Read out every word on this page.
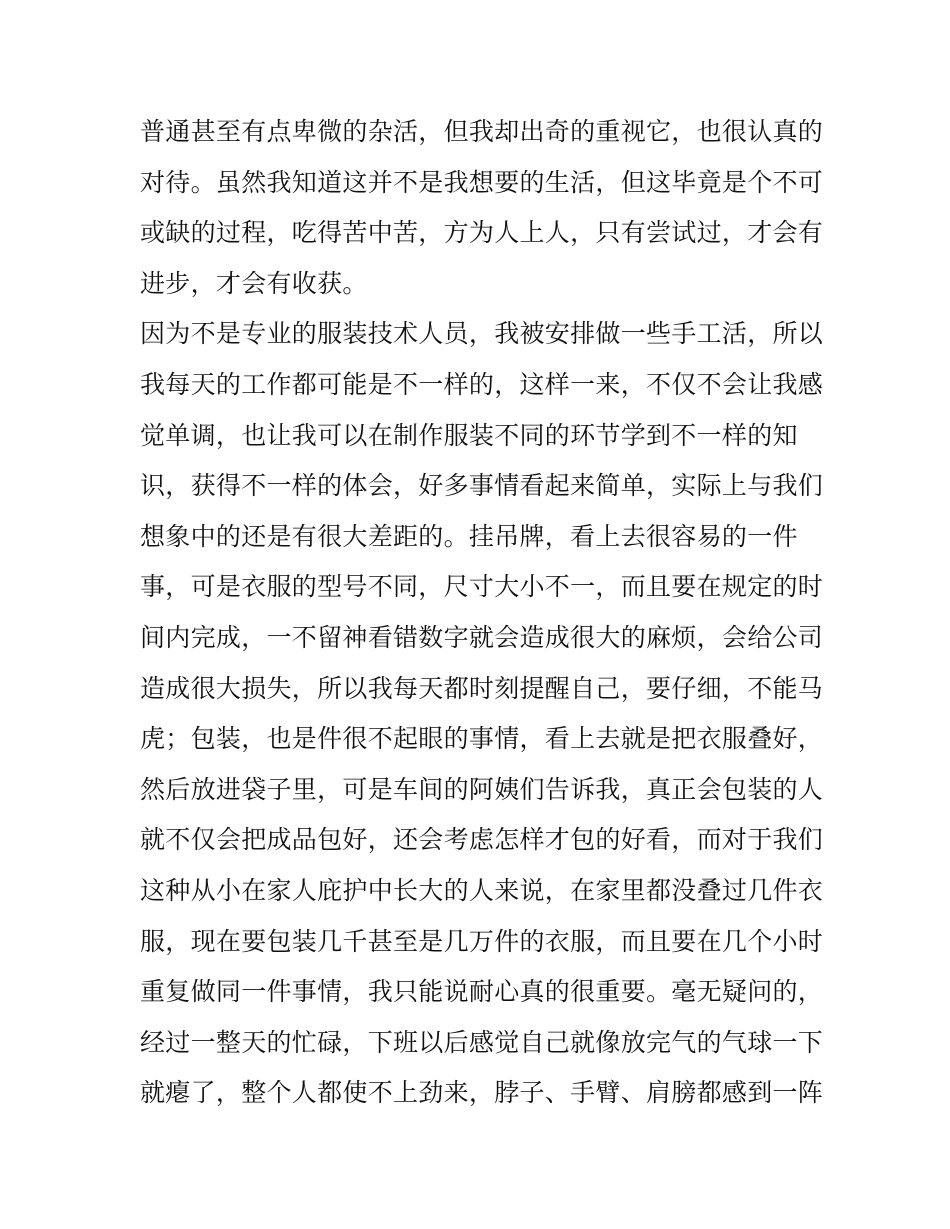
普通甚至有点卑微的杂活，但我却出奇的重视它，也很认真的
对待。虽然我知道这并不是我想要的生活，但这毕竟是个不可
或缺的过程，吃得苦中苦，方为人上人，只有尝试过，才会有
进步，才会有收获。
因为不是专业的服装技术人员，我被安排做一些手工活，所以
我每天的工作都可能是不一样的，这样一来，不仅不会让我感
觉单调，也让我可以在制作服装不同的环节学到不一样的知
识，获得不一样的体会，好多事情看起来简单，实际上与我们
想象中的还是有很大差距的。挂吊牌，看上去很容易的一件
事，可是衣服的型号不同，尺寸大小不一，而且要在规定的时
间内完成，一不留神看错数字就会造成很大的麻烦，会给公司
造成很大损失，所以我每天都时刻提醒自己，要仔细，不能马
虎；包装，也是件很不起眼的事情，看上去就是把衣服叠好，
然后放进袋子里，可是车间的阿姨们告诉我，真正会包装的人
就不仅会把成品包好，还会考虑怎样才包的好看，而对于我们
这种从小在家人庇护中长大的人来说，在家里都没叠过几件衣
服，现在要包装几千甚至是几万件的衣服，而且要在几个小时
重复做同一件事情，我只能说耐心真的很重要。毫无疑问的，
经过一整天的忙碌，下班以后感觉自己就像放完气的气球一下
就瘪了，整个人都使不上劲来，脖子、手臂、肩膀都感到一阵
